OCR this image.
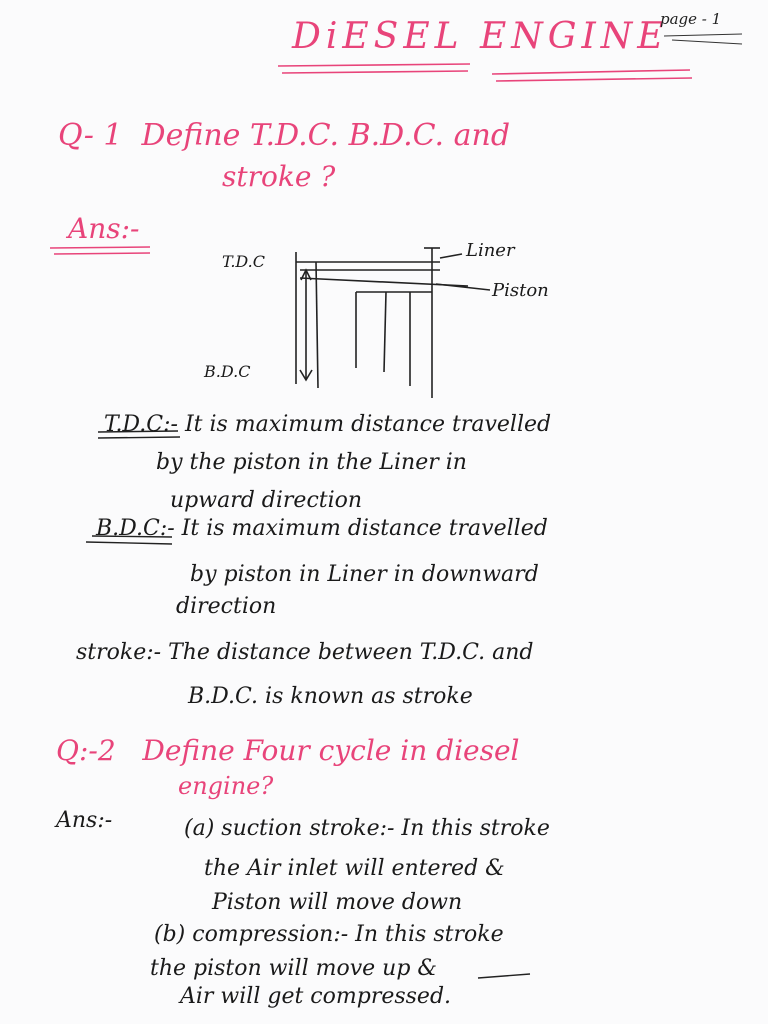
DiESEL ENGINE
page - 1
Q- 1 Define T.D.C. B.D.C. and
stroke ?
Ans:-
T.D.C
B.D.C
Liner
Piston
T.D.C:- It is maximum distance travelled
by the piston in the Liner in
upward direction
B.D.C:- It is maximum distance travelled
by piston in Liner in downward
direction
stroke:- The distance between T.D.C. and
B.D.C. is known as stroke
Q:-2 Define Four cycle in diesel
engine?
Ans:-	(a) suction stroke:- In this stroke
the Air inlet will entered &
Piston will move down
(b) compression:- In this stroke
the piston will move up &
Air will get compressed.
